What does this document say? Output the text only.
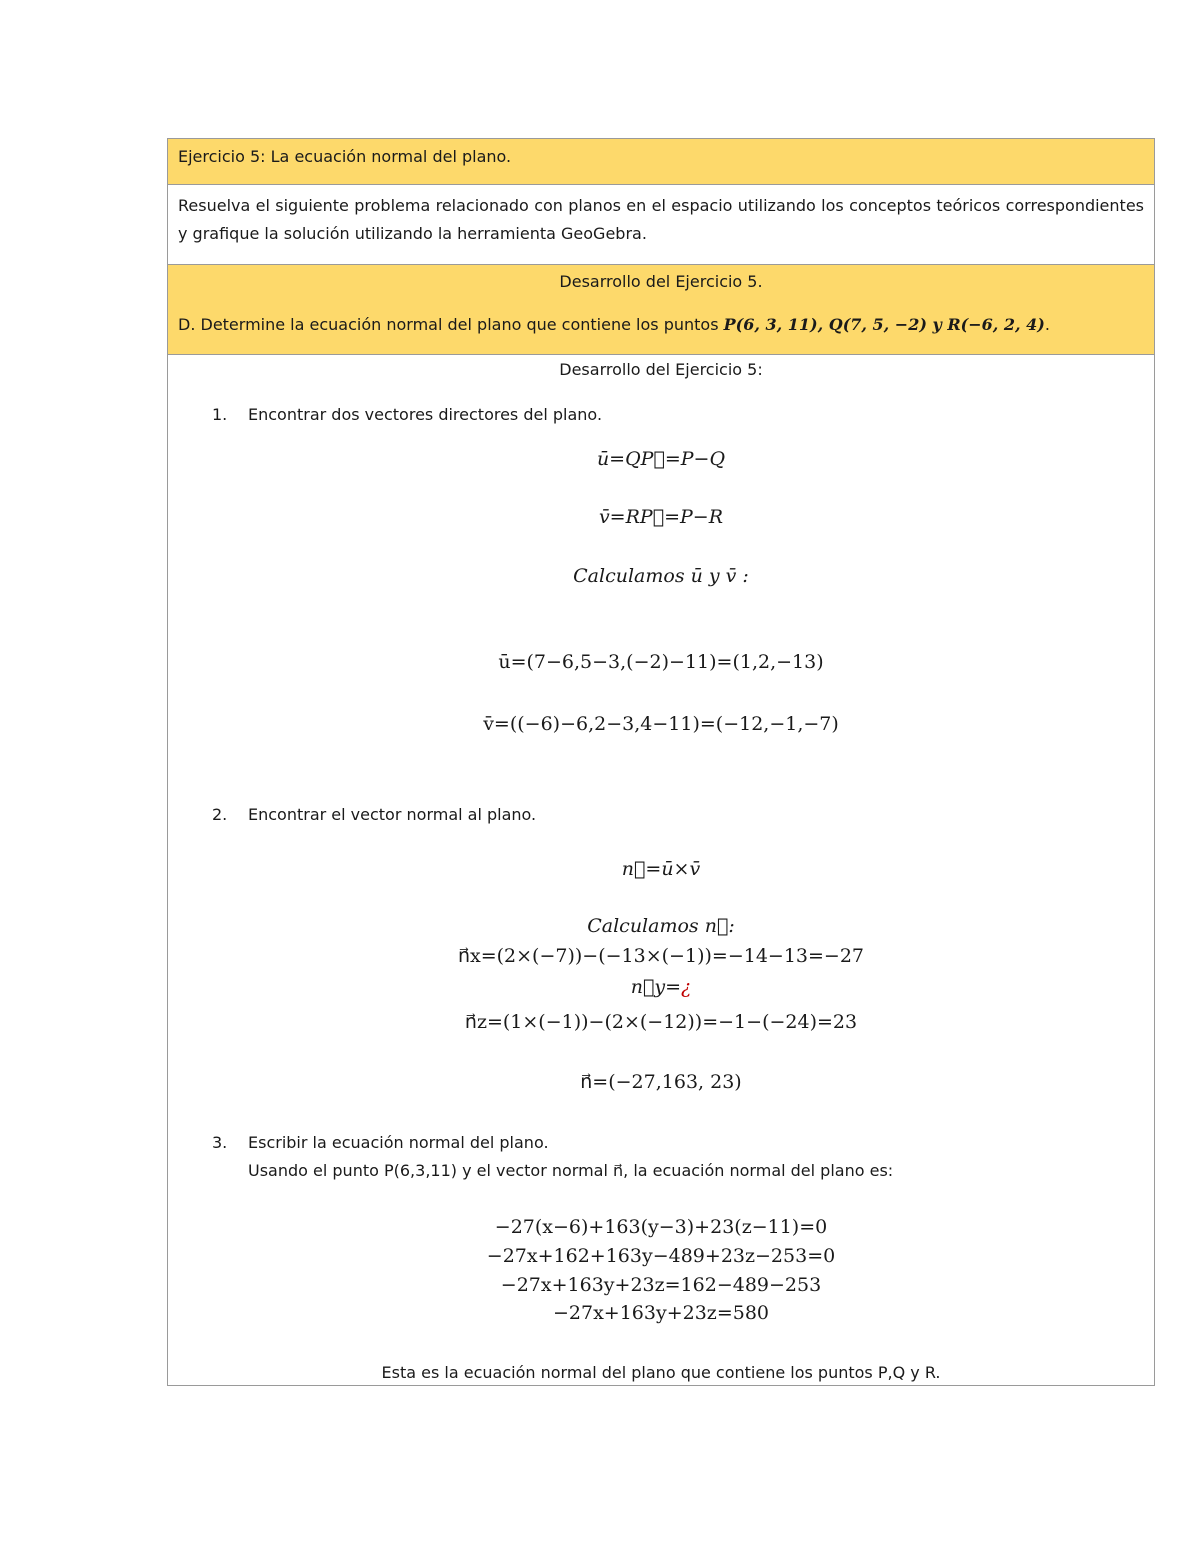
Ejercicio 5: La ecuación normal del plano.
Resuelva el siguiente problema relacionado con planos en el espacio utilizando los conceptos teóricos correspondientes y grafique la solución utilizando la herramienta GeoGebra.
Desarrollo del Ejercicio 5.
D. Determine la ecuación normal del plano que contiene los puntos P(6, 3, 11), Q(7, 5, −2) y R(−6, 2, 4).
Desarrollo del Ejercicio 5:
1. Encontrar dos vectores directores del plano.
ū=QP⃗=P−Q
v̄=RP⃗=P−R
Calculamos ū y v̄ :
ū=(7−6,5−3,(−2)−11)=(1,2,−13)
v̄=((−6)−6,2−3,4−11)=(−12,−1,−7)
2. Encontrar el vector normal al plano.
n⃗=ū×v̄
Calculamos n⃗:
n⃗x=(2×(−7))−(−13×(−1))=−14−13=−27
n⃗y=¿
n⃗z=(1×(−1))−(2×(−12))=−1−(−24)=23
n⃗=(−27,163, 23)
3. Escribir la ecuación normal del plano.
Usando el punto P(6,3,11) y el vector normal n⃗, la ecuación normal del plano es:
−27(x−6)+163(y−3)+23(z−11)=0
−27x+162+163y−489+23z−253=0
−27x+163y+23z=162−489−253
−27x+163y+23z=580
Esta es la ecuación normal del plano que contiene los puntos P,Q y R.
